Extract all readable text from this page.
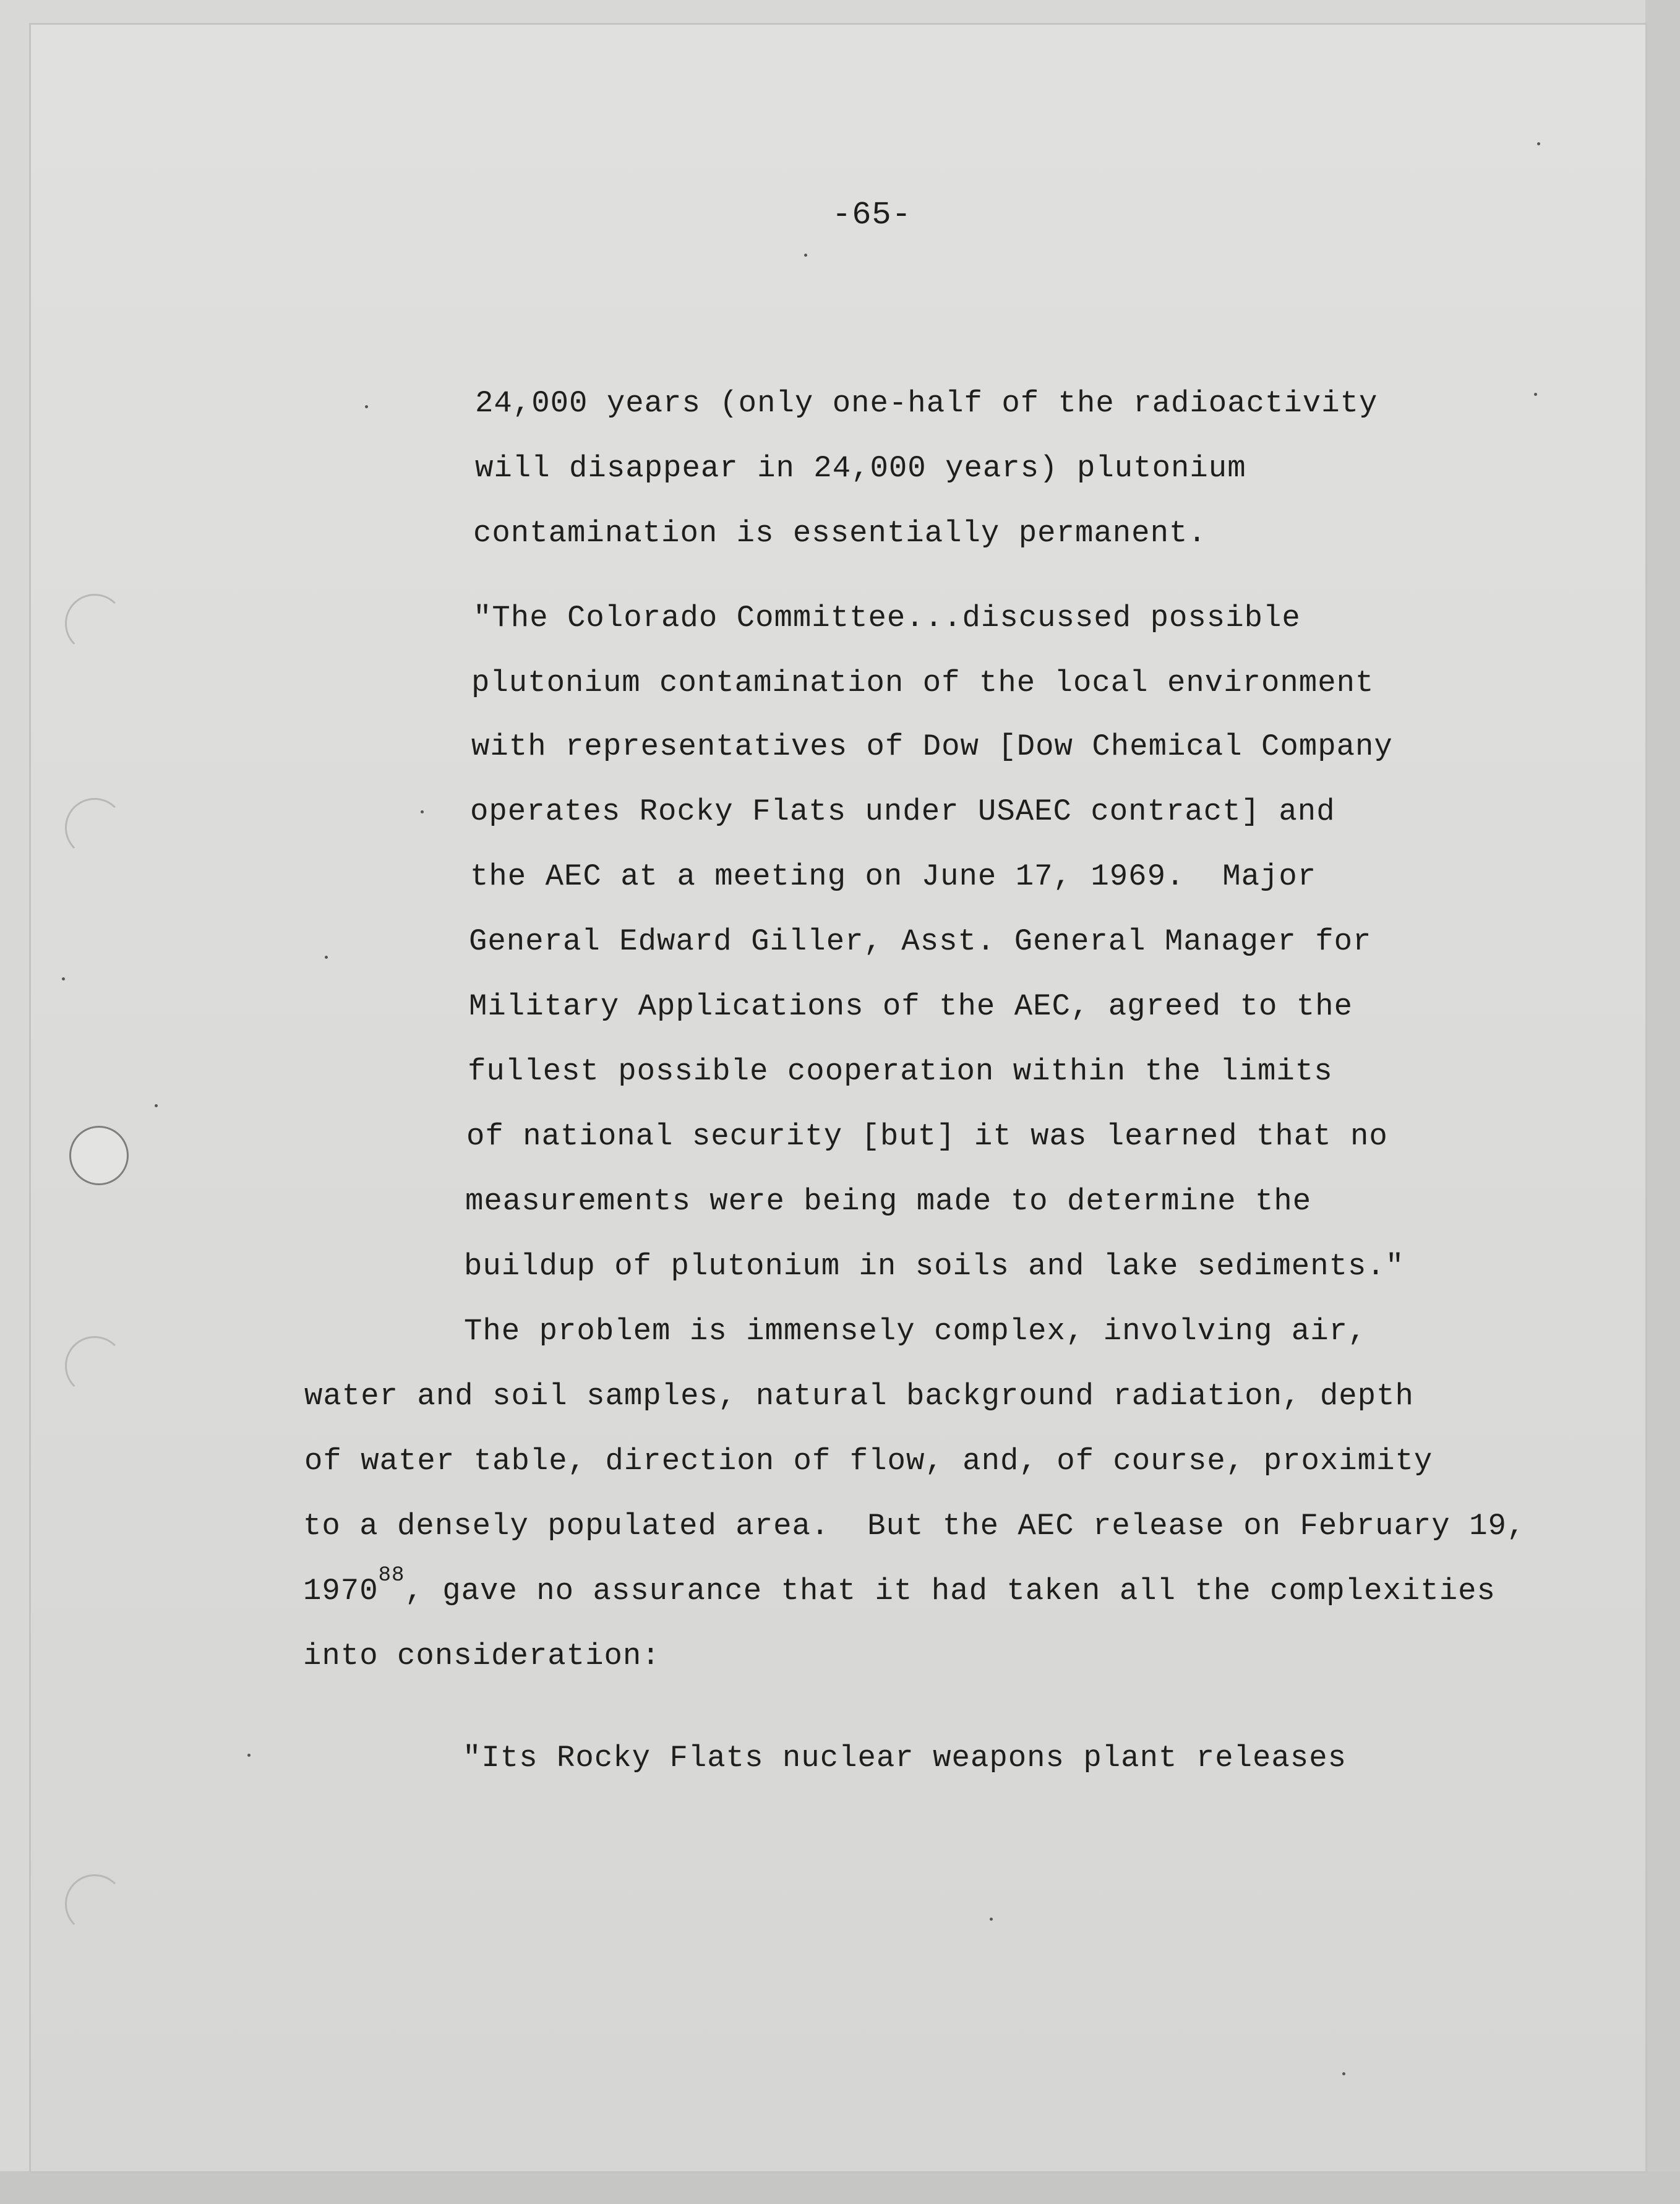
-65-
24,000 years (only one-half of the radioactivity
will disappear in 24,000 years) plutonium
contamination is essentially permanent.
"The Colorado Committee...discussed possible
plutonium contamination of the local environment
with representatives of Dow [Dow Chemical Company
operates Rocky Flats under USAEC contract] and
the AEC at a meeting on June 17, 1969.  Major
General Edward Giller, Asst. General Manager for
Military Applications of the AEC, agreed to the
fullest possible cooperation within the limits
of national security [but] it was learned that no
measurements were being made to determine the
buildup of plutonium in soils and lake sediments."
The problem is immensely complex, involving air,
water and soil samples, natural background radiation, depth
of water table, direction of flow, and, of course, proximity
to a densely populated area.  But the AEC release on February 19,
1970$^{88}$, gave no assurance that it had taken all the complexities
into consideration:
"Its Rocky Flats nuclear weapons plant releases
